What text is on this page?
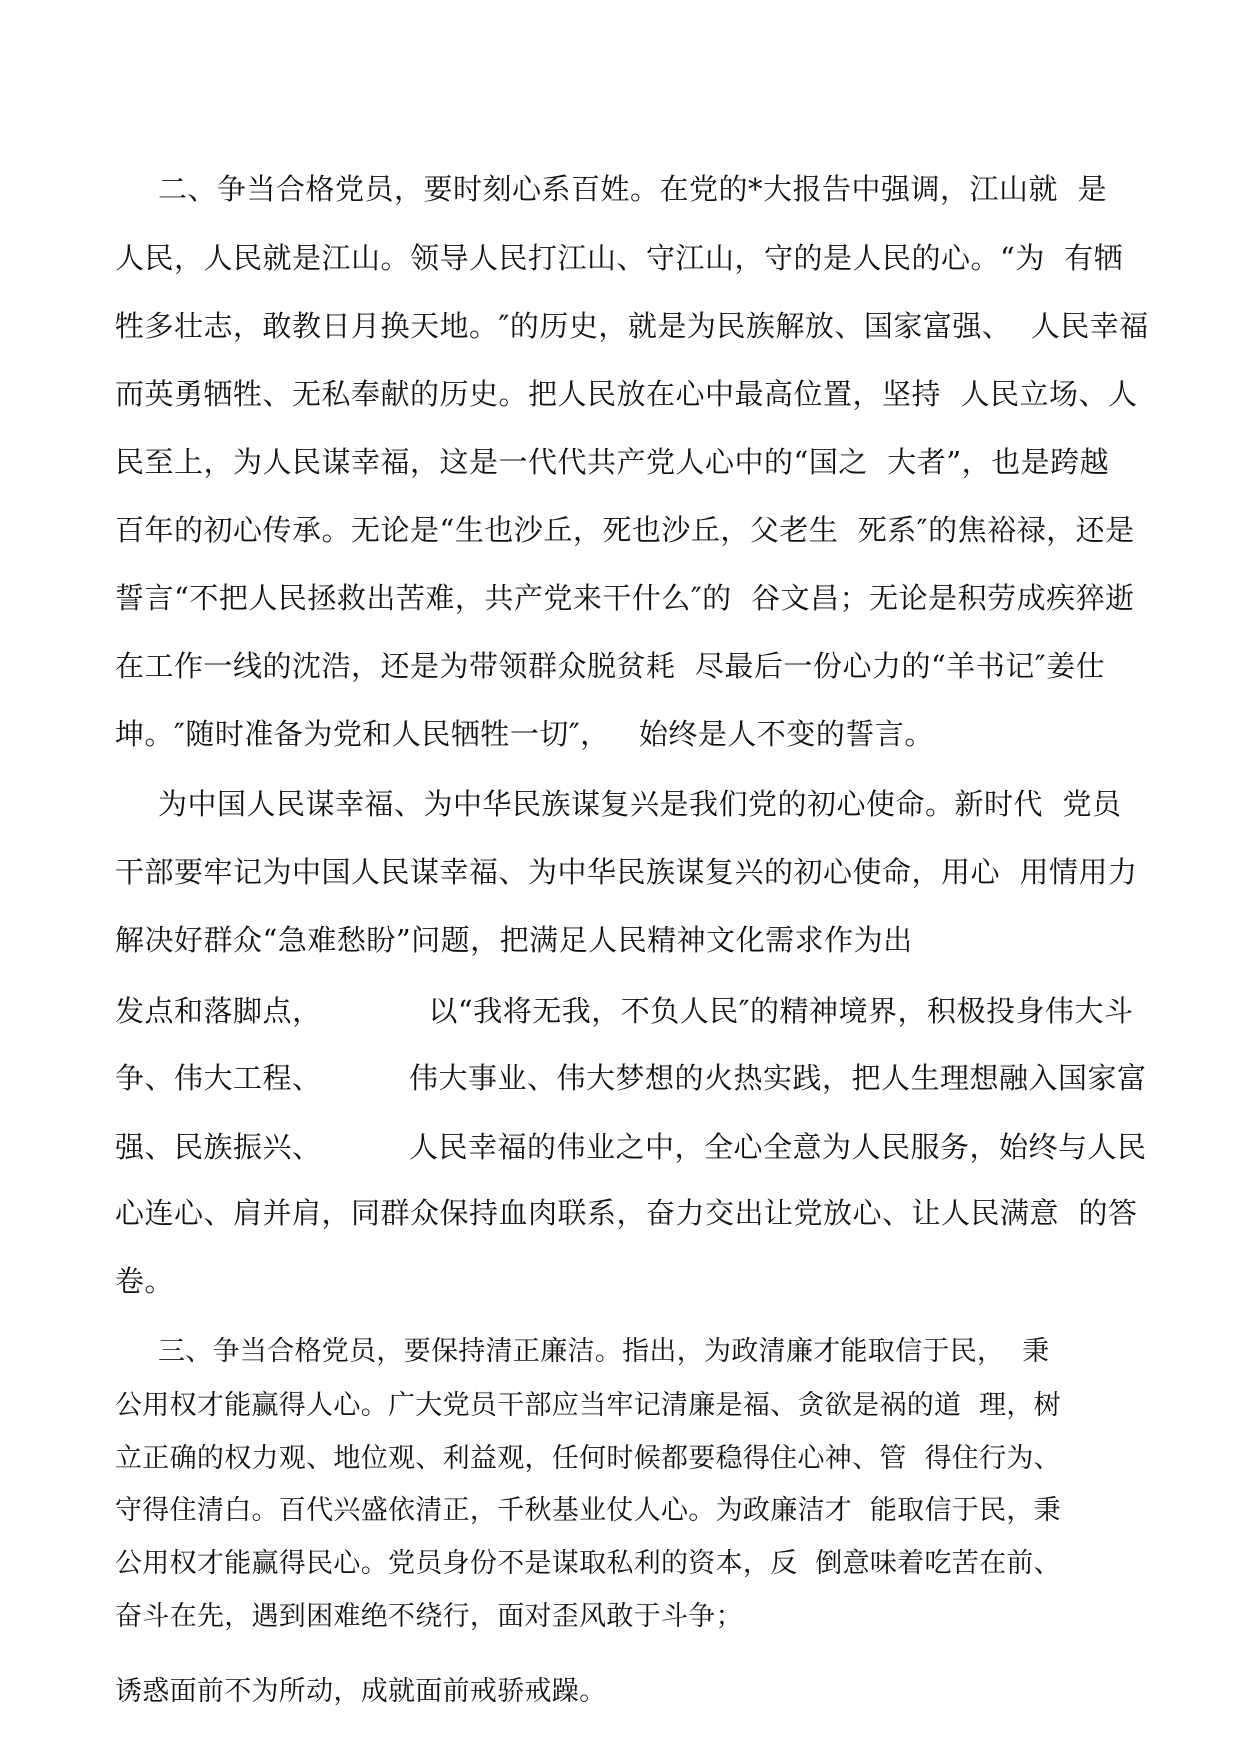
二、争当合格党员，要时刻心系百姓。在党的*大报告中强调，江山就  是

人民，人民就是江山。领导人民打江山、守江山，守的是人民的心。“为  有牺

牲多壮志，敢教日月换天地。″的历史，就是为民族解放、国家富强、  人民幸福

而英勇牺牲、无私奉献的历史。把人民放在心中最高位置，坚持  人民立场、人

民至上，为人民谋幸福，这是一代代共产党人心中的“国之  大者”，也是跨越

百年的初心传承。无论是“生也沙丘，死也沙丘，父老生  死系″的焦裕禄，还是

誓言“不把人民拯救出苦难，共产党来干什么″的  谷文昌；无论是积劳成疾猝逝

在工作一线的沈浩，还是为带领群众脱贫耗  尽最后一份心力的“羊书记″姜仕

坤。″随时准备为党和人民牺牲一切″，   始终是人不变的誓言。

为中国人民谋幸福、为中华民族谋复兴是我们党的初心使命。新时代  党员

干部要牢记为中国人民谋幸福、为中华民族谋复兴的初心使命，用心  用情用力

解决好群众“急难愁盼”问题，把满足人民精神文化需求作为出

发点和落脚点，           以“我将无我，不负人民″的精神境界，积极投身伟大斗

争、伟大工程、         伟大事业、伟大梦想的火热实践，把人生理想融入国家富

强、民族振兴、         人民幸福的伟业之中，全心全意为人民服务，始终与人民

心连心、肩并肩，同群众保持血肉联系，奋力交出让党放心、让人民满意  的答

卷。

三、争当合格党员，要保持清正廉洁。指出，为政清廉才能取信于民，  秉

公用权才能赢得人心。广大党员干部应当牢记清廉是福、贪欲是祸的道  理，树

立正确的权力观、地位观、利益观，任何时候都要稳得住心神、管  得住行为、

守得住清白。百代兴盛依清正，千秋基业仗人心。为政廉洁才  能取信于民，秉

公用权才能赢得民心。党员身份不是谋取私利的资本，反  倒意味着吃苦在前、

奋斗在先，遇到困难绝不绕行，面对歪风敢于斗争；

诱惑面前不为所动，成就面前戒骄戒躁。
